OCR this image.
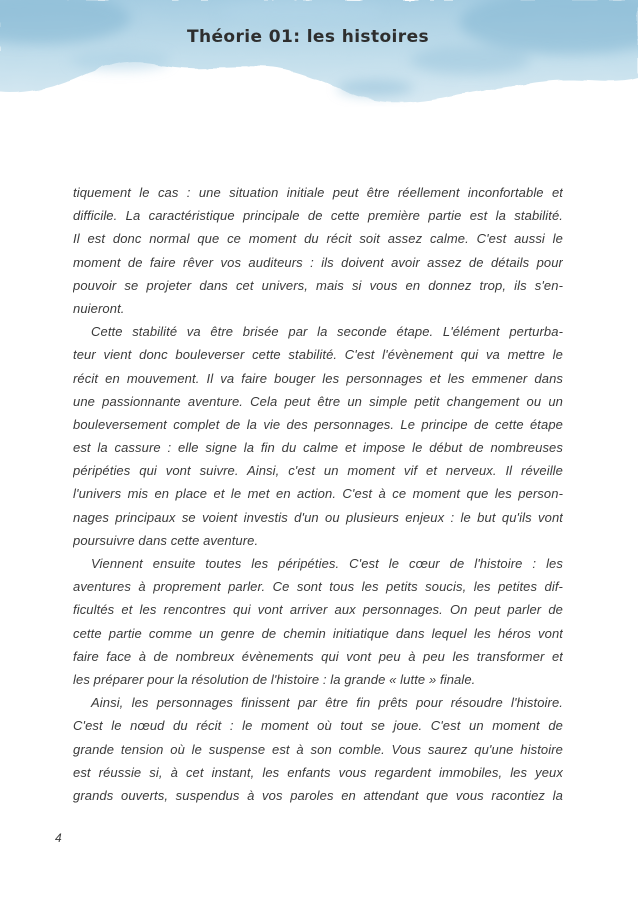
Théorie 01: les histoires
tiquement le cas : une situation initiale peut être réellement inconfortable et
difficile. La caractéristique principale de cette première partie est la stabilité.
Il est donc normal que ce moment du récit soit assez calme. C'est aussi le
moment de faire rêver vos auditeurs : ils doivent avoir assez de détails pour
pouvoir se projeter dans cet univers, mais si vous en donnez trop, ils s'en-
nuieront.
Cette stabilité va être brisée par la seconde étape. L'élément perturba-
teur vient donc bouleverser cette stabilité. C'est l'évènement qui va mettre le
récit en mouvement. Il va faire bouger les personnages et les emmener dans
une passionnante aventure. Cela peut être un simple petit changement ou un
bouleversement complet de la vie des personnages. Le principe de cette étape
est la cassure : elle signe la fin du calme et impose le début de nombreuses
péripéties qui vont suivre. Ainsi, c'est un moment vif et nerveux. Il réveille
l'univers mis en place et le met en action. C'est à ce moment que les person-
nages principaux se voient investis d'un ou plusieurs enjeux : le but qu'ils vont
poursuivre dans cette aventure.
Viennent ensuite toutes les péripéties. C'est le cœur de l'histoire : les
aventures à proprement parler. Ce sont tous les petits soucis, les petites dif-
ficultés et les rencontres qui vont arriver aux personnages. On peut parler de
cette partie comme un genre de chemin initiatique dans lequel les héros vont
faire face à de nombreux évènements qui vont peu à peu les transformer et
les préparer pour la résolution de l'histoire : la grande « lutte » finale.
Ainsi, les personnages finissent par être fin prêts pour résoudre l'histoire.
C'est le nœud du récit : le moment où tout se joue. C'est un moment de
grande tension où le suspense est à son comble. Vous saurez qu'une histoire
est réussie si, à cet instant, les enfants vous regardent immobiles, les yeux
grands ouverts, suspendus à vos paroles en attendant que vous racontiez la
4
